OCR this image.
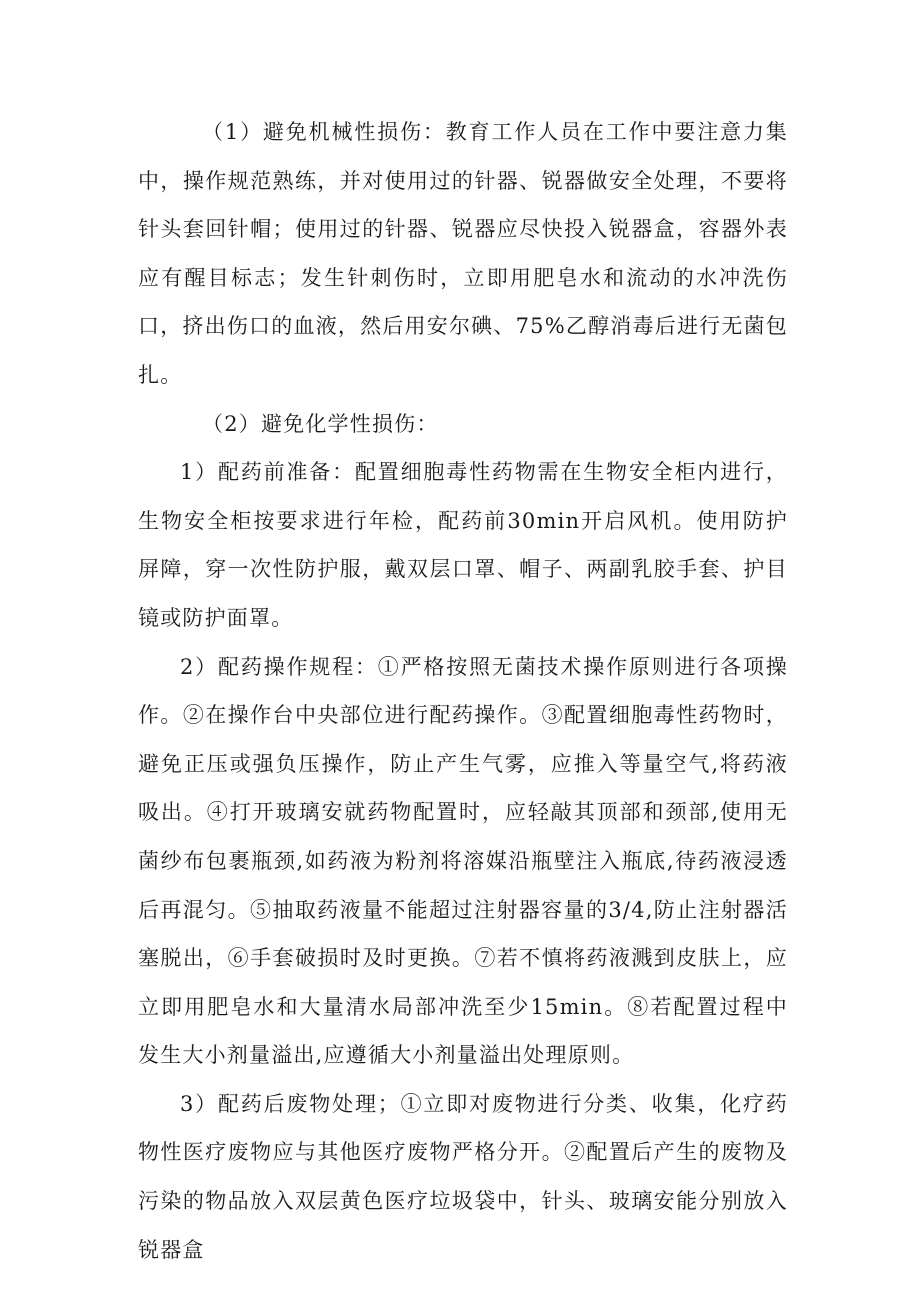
（1）避免机械性损伤：教育工作人员在工作中要注意力集中，操作规范熟练，并对使用过的针器、锐器做安全处理，不要将针头套回针帽；使用过的针器、锐器应尽快投入锐器盒，容器外表应有醒目标志；发生针刺伤时，立即用肥皂水和流动的水冲洗伤口，挤出伤口的血液，然后用安尔碘、75%乙醇消毒后进行无菌包扎。

（2）避免化学性损伤：

1）配药前准备：配置细胞毒性药物需在生物安全柜内进行，生物安全柜按要求进行年检，配药前30min开启风机。使用防护屏障，穿一次性防护服，戴双层口罩、帽子、两副乳胶手套、护目镜或防护面罩。

2）配药操作规程：①严格按照无菌技术操作原则进行各项操作。②在操作台中央部位进行配药操作。③配置细胞毒性药物时，避免正压或强负压操作，防止产生气雾，应推入等量空气,将药液吸出。④打开玻璃安就药物配置时，应轻敲其顶部和颈部,使用无菌纱布包裹瓶颈,如药液为粉剂将溶媒沿瓶壁注入瓶底,待药液浸透后再混匀。⑤抽取药液量不能超过注射器容量的3/4,防止注射器活塞脱出，⑥手套破损时及时更换。⑦若不慎将药液溅到皮肤上，应立即用肥皂水和大量清水局部冲洗至少15min。⑧若配置过程中发生大小剂量溢出,应遵循大小剂量溢出处理原则。

3）配药后废物处理；①立即对废物进行分类、收集，化疗药物性医疗废物应与其他医疗废物严格分开。②配置后产生的废物及污染的物品放入双层黄色医疗垃圾袋中，针头、玻璃安能分别放入锐器盒
